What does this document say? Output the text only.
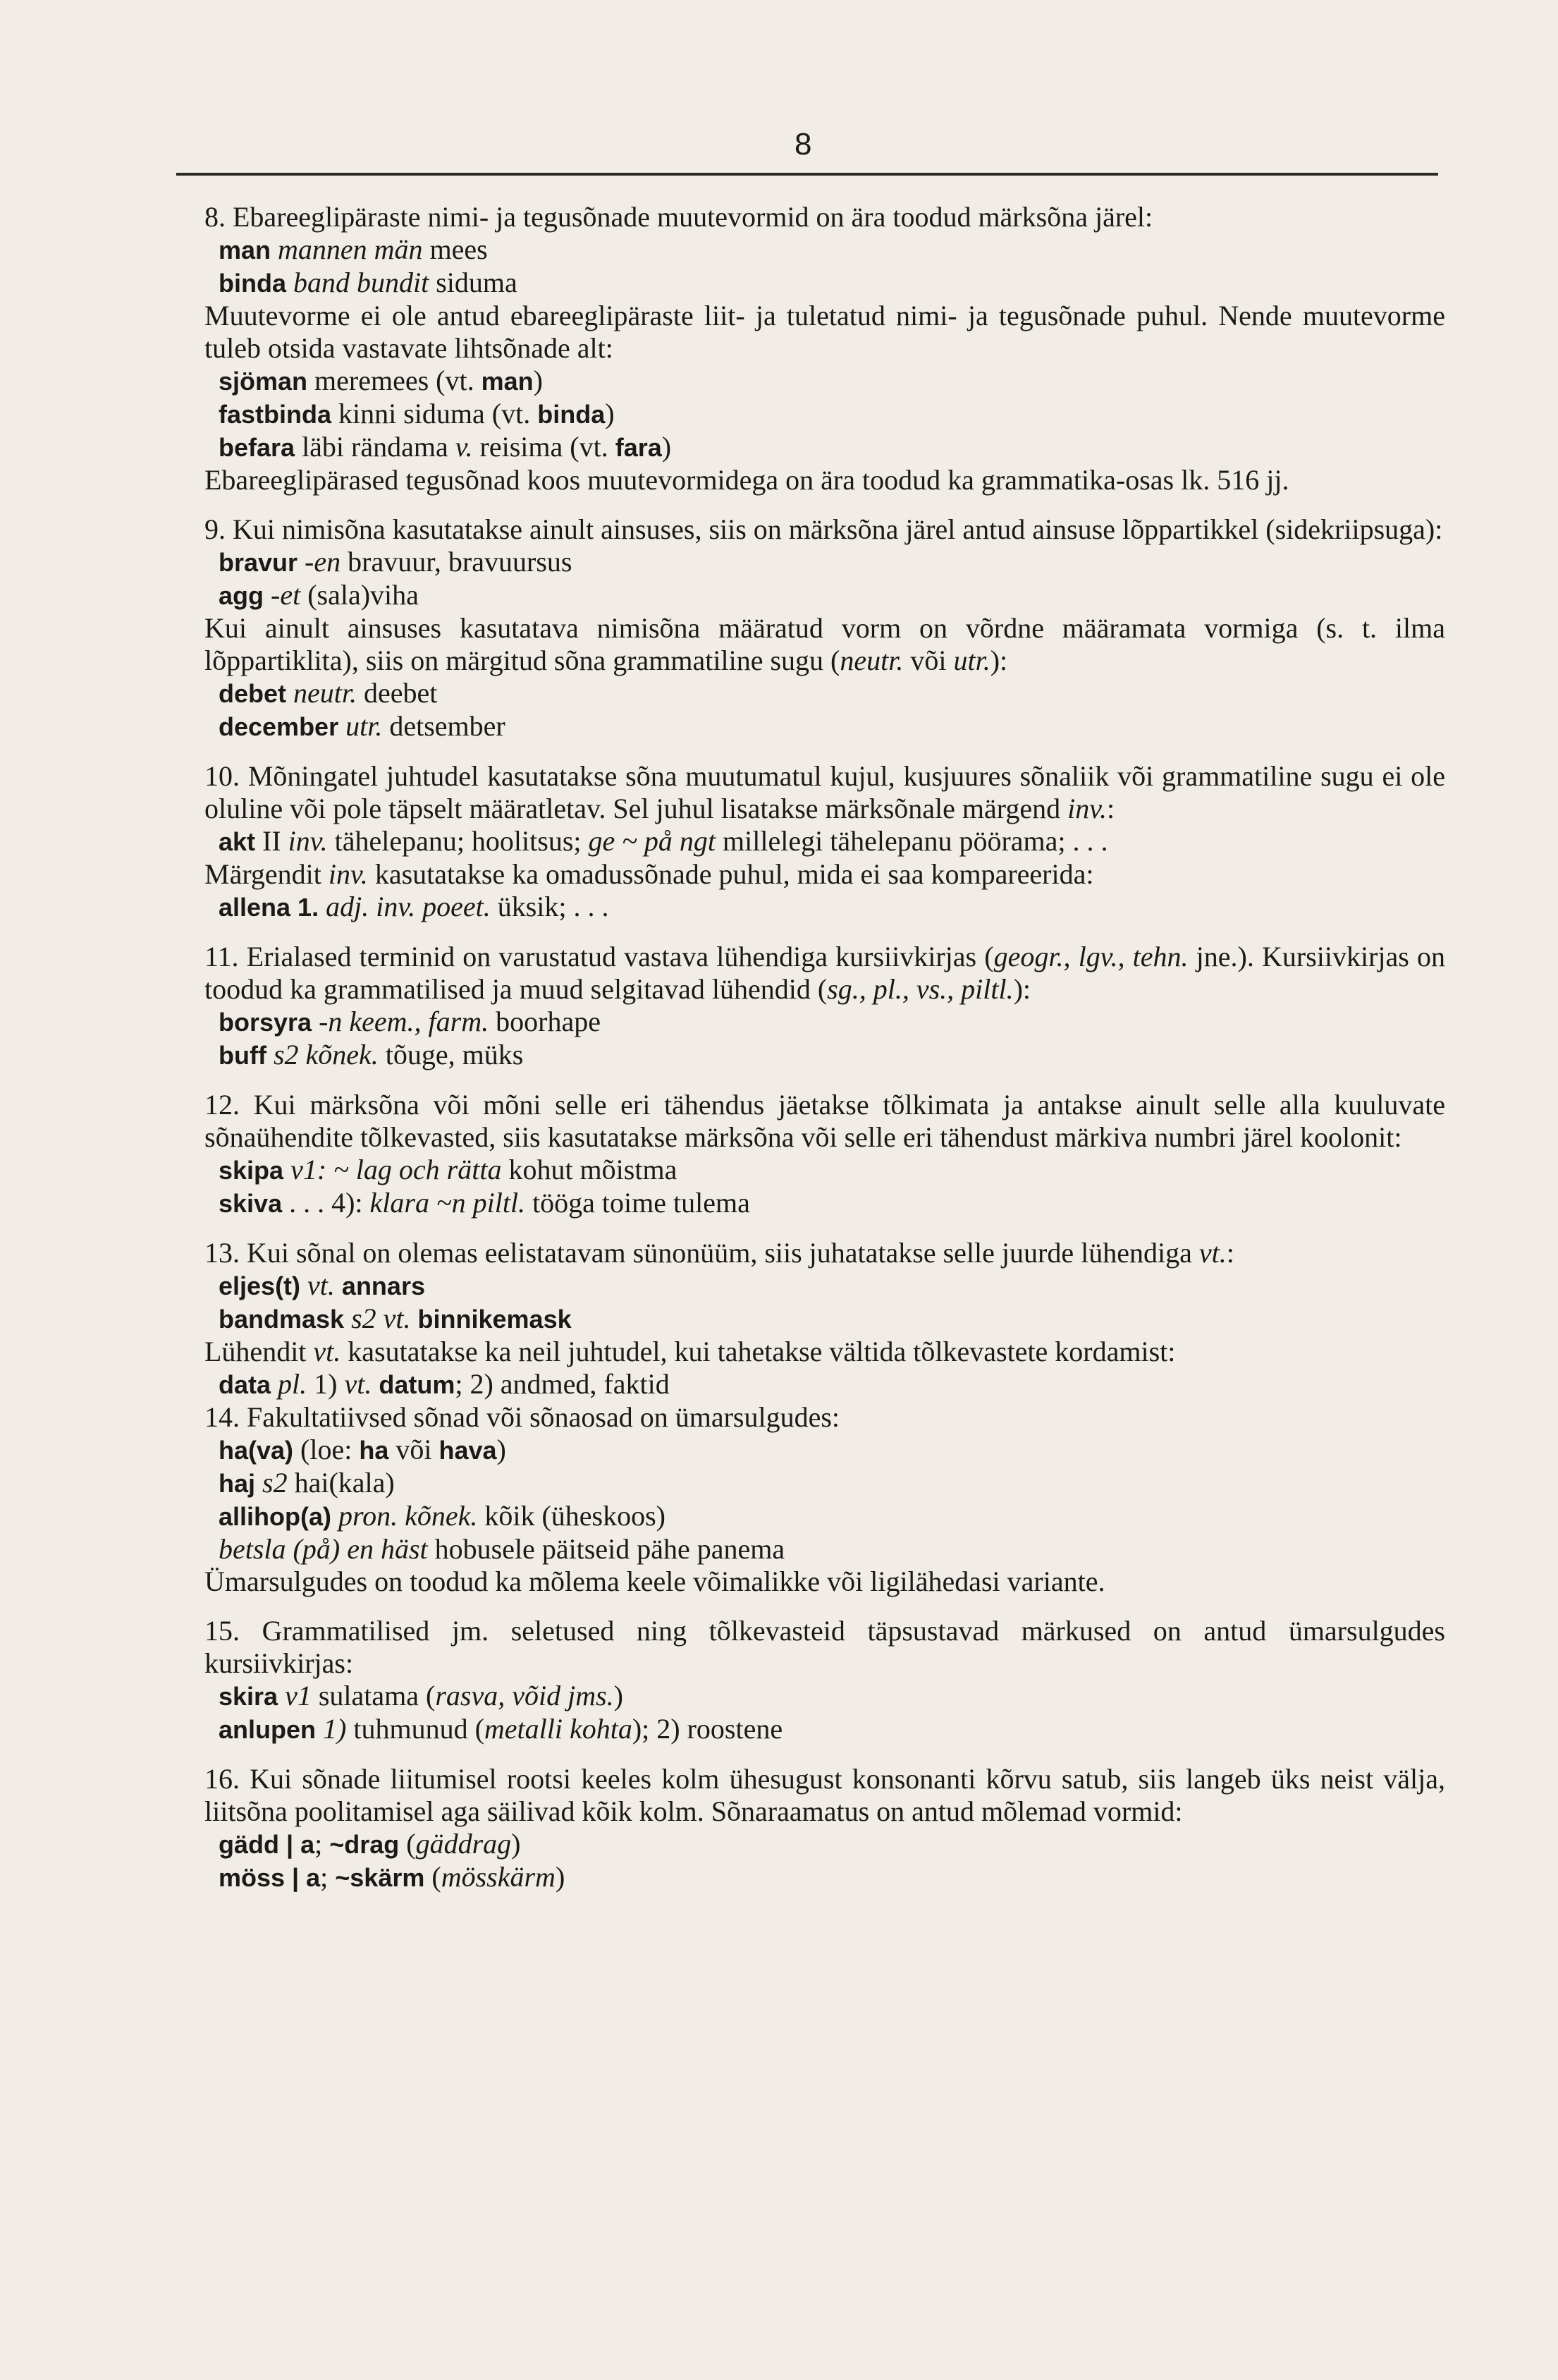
8

8. Ebareeglipäraste nimi- ja tegusõnade muutevormid on ära toodud märksõna järel:

man mannen män mees

binda band bundit siduma

Muutevorme ei ole antud ebareeglipäraste liit- ja tuletatud nimi- ja tegusõnade puhul. Nende muutevorme tuleb otsida vastavate lihtsõnade alt:

sjöman meremees (vt. man)

fastbinda kinni siduma (vt. binda)

befara läbi rändama v. reisima (vt. fara)

Ebareeglipärased tegusõnad koos muutevormidega on ära toodud ka grammatika-osas lk. 516 jj.

9. Kui nimisõna kasutatakse ainult ainsuses, siis on märksõna järel antud ainsuse lõppartikkel (sidekriipsuga):

bravur -en bravuur, bravuursus

agg -et (sala)viha

Kui ainult ainsuses kasutatava nimisõna määratud vorm on võrdne määramata vormiga (s. t. ilma lõppartiklita), siis on märgitud sõna grammatiline sugu (neutr. või utr.):

debet neutr. deebet

december utr. detsember

10. Mõningatel juhtudel kasutatakse sõna muutumatul kujul, kusjuures sõnaliik või grammatiline sugu ei ole oluline või pole täpselt määratletav. Sel juhul lisatakse märksõnale märgend inv.:

akt II inv. tähelepanu; hoolitsus; ge ~ på ngt millelegi tähelepanu pöörama; . . .

Märgendit inv. kasutatakse ka omadussõnade puhul, mida ei saa kompareerida:

allena 1. adj. inv. poeet. üksik; . . .

11. Erialased terminid on varustatud vastava lühendiga kursiivkirjas (geogr., lgv., tehn. jne.). Kursiivkirjas on toodud ka grammatilised ja muud selgitavad lühendid (sg., pl., vs., piltl.):

borsyra -n keem., farm. boorhape

buff s2 kõnek. tõuge, müks

12. Kui märksõna või mõni selle eri tähendus jäetakse tõlkimata ja antakse ainult selle alla kuuluvate sõnaühendite tõlkevasted, siis kasutatakse märksõna või selle eri tähendust märkiva numbri järel koolonit:

skipa v1: ~ lag och rätta kohut mõistma

skiva . . . 4): klara ~n piltl. tööga toime tulema

13. Kui sõnal on olemas eelistatavam sünonüüm, siis juhatatakse selle juurde lühendiga vt.:

eljes(t) vt. annars

bandmask s2 vt. binnikemask

Lühendit vt. kasutatakse ka neil juhtudel, kui tahetakse vältida tõlkevastete kordamist:

data pl. 1) vt. datum; 2) andmed, faktid

14. Fakultatiivsed sõnad või sõnaosad on ümarsulgudes:

ha(va) (loe: ha või hava)

haj s2 hai(kala)

allihop(a) pron. kõnek. kõik (üheskoos)

betsla (på) en häst hobusele päitseid pähe panema

Ümarsulgudes on toodud ka mõlema keele võimalikke või ligilähedasi variante.

15. Grammatilised jm. seletused ning tõlkevasteid täpsustavad märkused on antud ümarsulgudes kursiivkirjas:

skira v1 sulatama (rasva, võid jms.)

anlupen 1) tuhmunud (metalli kohta); 2) roostene

16. Kui sõnade liitumisel rootsi keeles kolm ühesugust konsonanti kõrvu satub, siis langeb üks neist välja, liitsõna poolitamisel aga säilivad kõik kolm. Sõnaraamatus on antud mõlemad vormid:

gädd | a; ~drag (gäddrag)

möss | a; ~skärm (mösskärm)
